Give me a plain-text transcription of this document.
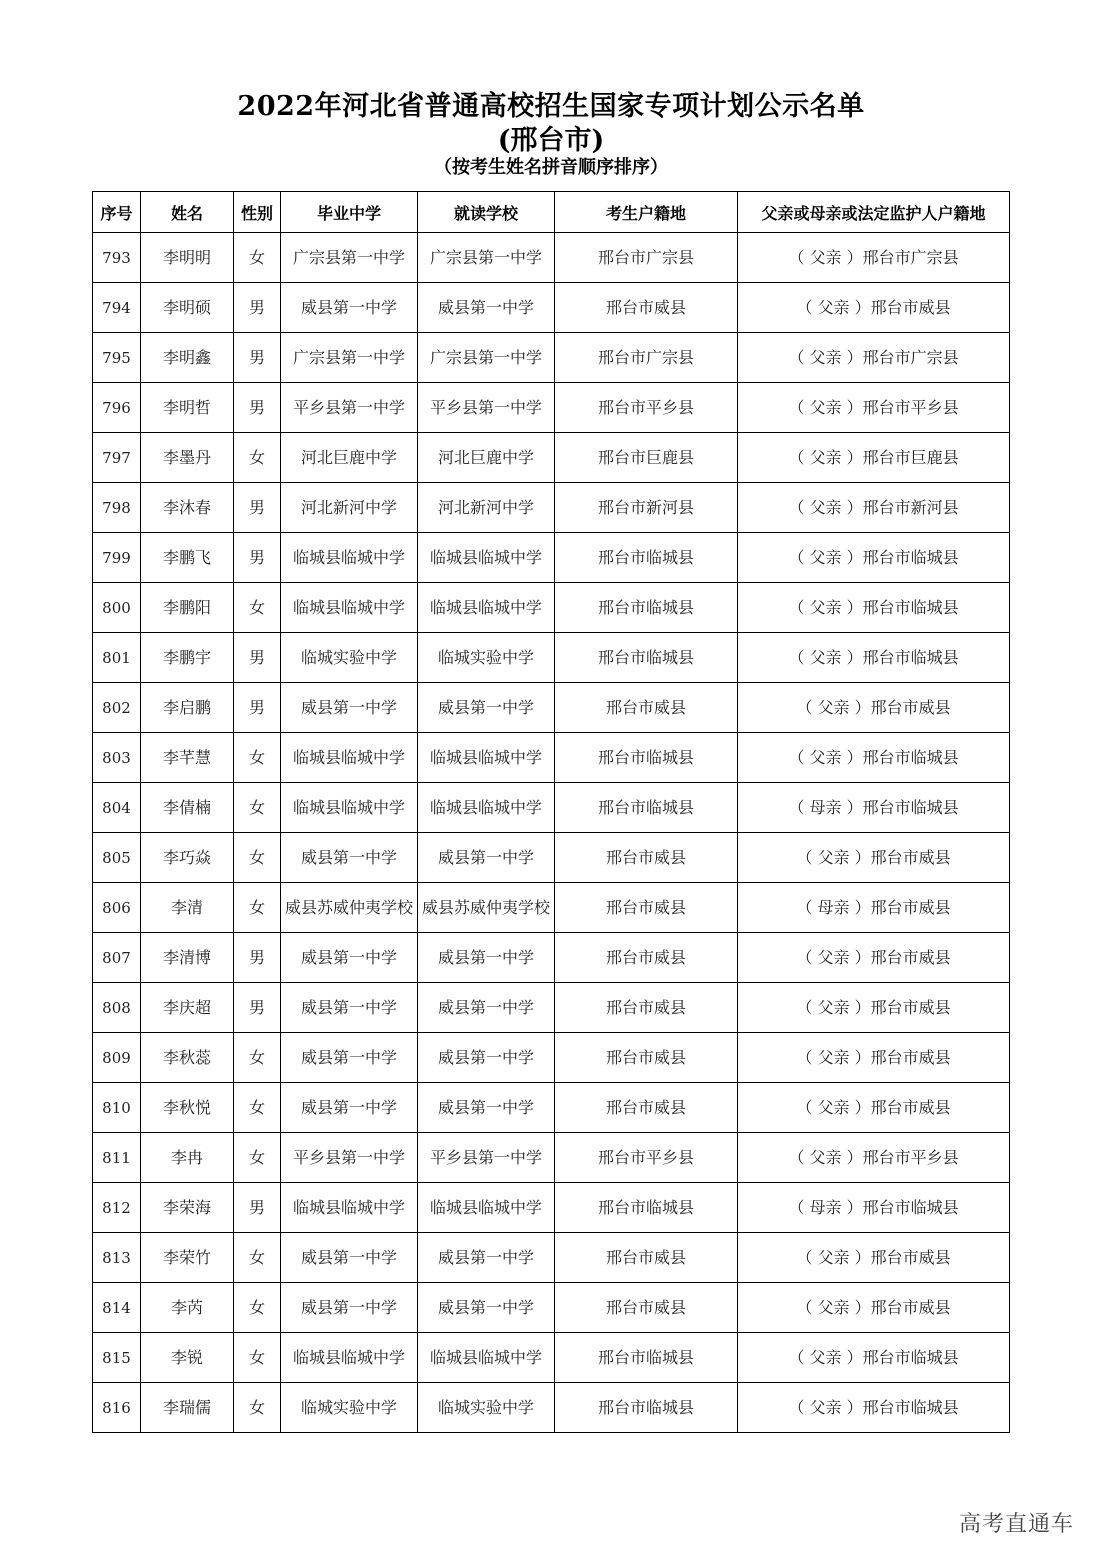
2022年河北省普通高校招生国家专项计划公示名单
(邢台市)
（按考生姓名拼音顺序排序）
序号	姓名	性别	毕业中学	就读学校	考生户籍地	父亲或母亲或法定监护人户籍地
793	李明明	女	广宗县第一中学	广宗县第一中学	邢台市广宗县	（ 父亲 ）邢台市广宗县
794	李明硕	男	威县第一中学	威县第一中学	邢台市威县	（ 父亲 ）邢台市威县
795	李明鑫	男	广宗县第一中学	广宗县第一中学	邢台市广宗县	（ 父亲 ）邢台市广宗县
796	李明哲	男	平乡县第一中学	平乡县第一中学	邢台市平乡县	（ 父亲 ）邢台市平乡县
797	李墨丹	女	河北巨鹿中学	河北巨鹿中学	邢台市巨鹿县	（ 父亲 ）邢台市巨鹿县
798	李沐春	男	河北新河中学	河北新河中学	邢台市新河县	（ 父亲 ）邢台市新河县
799	李鹏飞	男	临城县临城中学	临城县临城中学	邢台市临城县	（ 父亲 ）邢台市临城县
800	李鹏阳	女	临城县临城中学	临城县临城中学	邢台市临城县	（ 父亲 ）邢台市临城县
801	李鹏宇	男	临城实验中学	临城实验中学	邢台市临城县	（ 父亲 ）邢台市临城县
802	李启鹏	男	威县第一中学	威县第一中学	邢台市威县	（ 父亲 ）邢台市威县
803	李芊慧	女	临城县临城中学	临城县临城中学	邢台市临城县	（ 父亲 ）邢台市临城县
804	李倩楠	女	临城县临城中学	临城县临城中学	邢台市临城县	（ 母亲 ）邢台市临城县
805	李巧焱	女	威县第一中学	威县第一中学	邢台市威县	（ 父亲 ）邢台市威县
806	李清	女	威县苏威仲夷学校	威县苏威仲夷学校	邢台市威县	（ 母亲 ）邢台市威县
807	李清博	男	威县第一中学	威县第一中学	邢台市威县	（ 父亲 ）邢台市威县
808	李庆超	男	威县第一中学	威县第一中学	邢台市威县	（ 父亲 ）邢台市威县
809	李秋蕊	女	威县第一中学	威县第一中学	邢台市威县	（ 父亲 ）邢台市威县
810	李秋悦	女	威县第一中学	威县第一中学	邢台市威县	（ 父亲 ）邢台市威县
811	李冉	女	平乡县第一中学	平乡县第一中学	邢台市平乡县	（ 父亲 ）邢台市平乡县
812	李荣海	男	临城县临城中学	临城县临城中学	邢台市临城县	（ 母亲 ）邢台市临城县
813	李荣竹	女	威县第一中学	威县第一中学	邢台市威县	（ 父亲 ）邢台市威县
814	李芮	女	威县第一中学	威县第一中学	邢台市威县	（ 父亲 ）邢台市威县
815	李锐	女	临城县临城中学	临城县临城中学	邢台市临城县	（ 父亲 ）邢台市临城县
816	李瑞儒	女	临城实验中学	临城实验中学	邢台市临城县	（ 父亲 ）邢台市临城县
高考直通车
